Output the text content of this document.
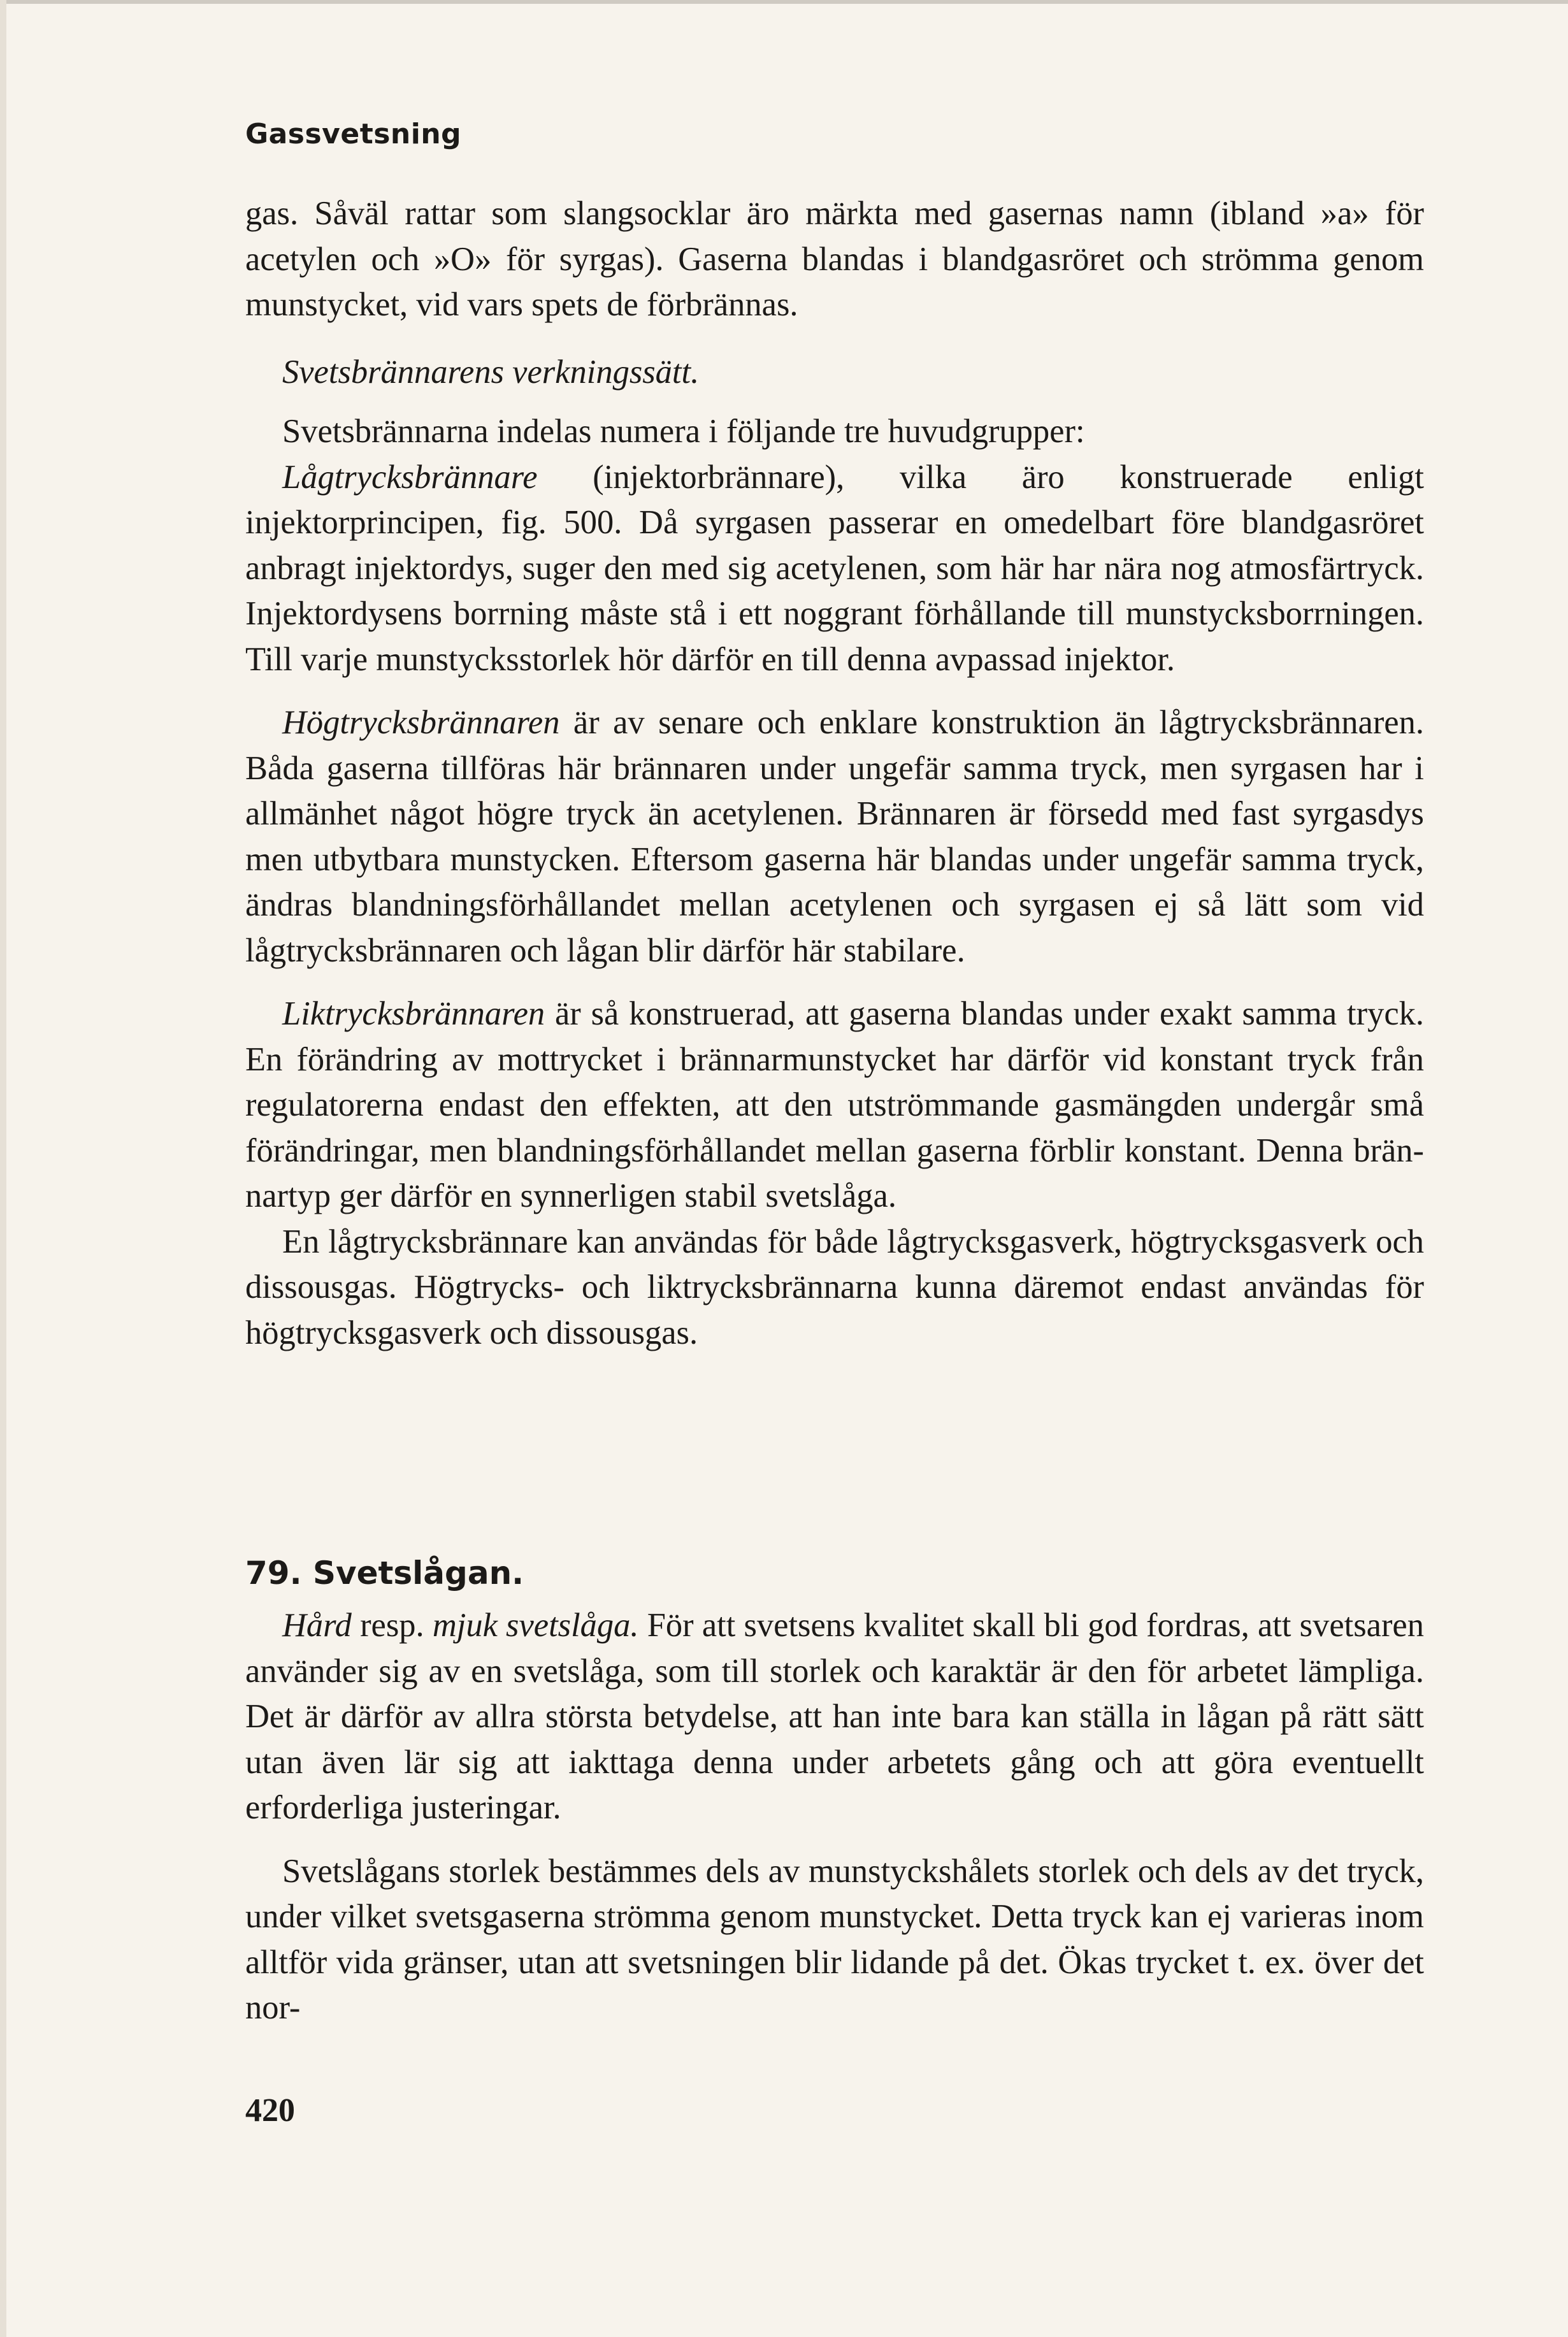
Gassvetsning

gas. Såväl rattar som slangsocklar äro märkta med gasernas namn (ibland »a» för acetylen och »O» för syrgas). Gaserna blandas i blandgasröret och strömma genom munstycket, vid vars spets de förbrännas.

Svetsbrännarens verkningssätt.

Svetsbrännarna indelas numera i följande tre huvudgrupper:

Lågtrycksbrännare (injektorbrännare), vilka äro konstruerade enligt injektorprincipen, fig. 500. Då syrgasen passerar en omedelbart före blandgasröret anbragt injektordys, suger den med sig acetylenen, som här har nära nog atmosfärtryck. Injektordysens borrning måste stå i ett noggrant förhållande till munstycksborrningen. Till varje munstycksstorlek hör därför en till denna avpassad injektor.

Högtrycksbrännaren är av senare och enklare konstruktion än lågtrycksbrännaren. Båda gaserna tillföras här brännaren under ungefär samma tryck, men syrgasen har i allmänhet något högre tryck än acetylenen. Brännaren är försedd med fast syrgasdys men utbytbara munstycken. Eftersom gaserna här blandas under ungefär samma tryck, ändras blandningsförhållandet mellan acetylenen och syrgasen ej så lätt som vid lågtrycksbrännaren och lågan blir därför här stabilare.

Liktrycksbrännaren är så konstruerad, att gaserna blandas under exakt samma tryck. En förändring av mottrycket i brännarmunstycket har därför vid konstant tryck från regulatorerna endast den effekten, att den utströmmande gasmängden undergår små förändringar, men blandningsförhållandet mellan gaserna förblir konstant. Denna brännartyp ger därför en synnerligen stabil svetslåga.

En lågtrycksbrännare kan användas för både lågtrycksgasverk, högtrycksgasverk och dissousgas. Högtrycks- och liktrycksbrännarna kunna däremot endast användas för högtrycksgasverk och dissousgas.

79. Svetslågan.

Hård resp. mjuk svetslåga. För att svetsens kvalitet skall bli god fordras, att svetsaren använder sig av en svetslåga, som till storlek och karaktär är den för arbetet lämpliga. Det är därför av allra största betydelse, att han inte bara kan ställa in lågan på rätt sätt utan även lär sig att iakttaga denna under arbetets gång och att göra eventuellt erforderliga justeringar.

Svetslågans storlek bestämmes dels av munstyckshålets storlek och dels av det tryck, under vilket svetsgaserna strömma genom munstycket. Detta tryck kan ej varieras inom alltför vida gränser, utan att svetsningen blir lidande på det. Ökas trycket t. ex. över det nor-

420
